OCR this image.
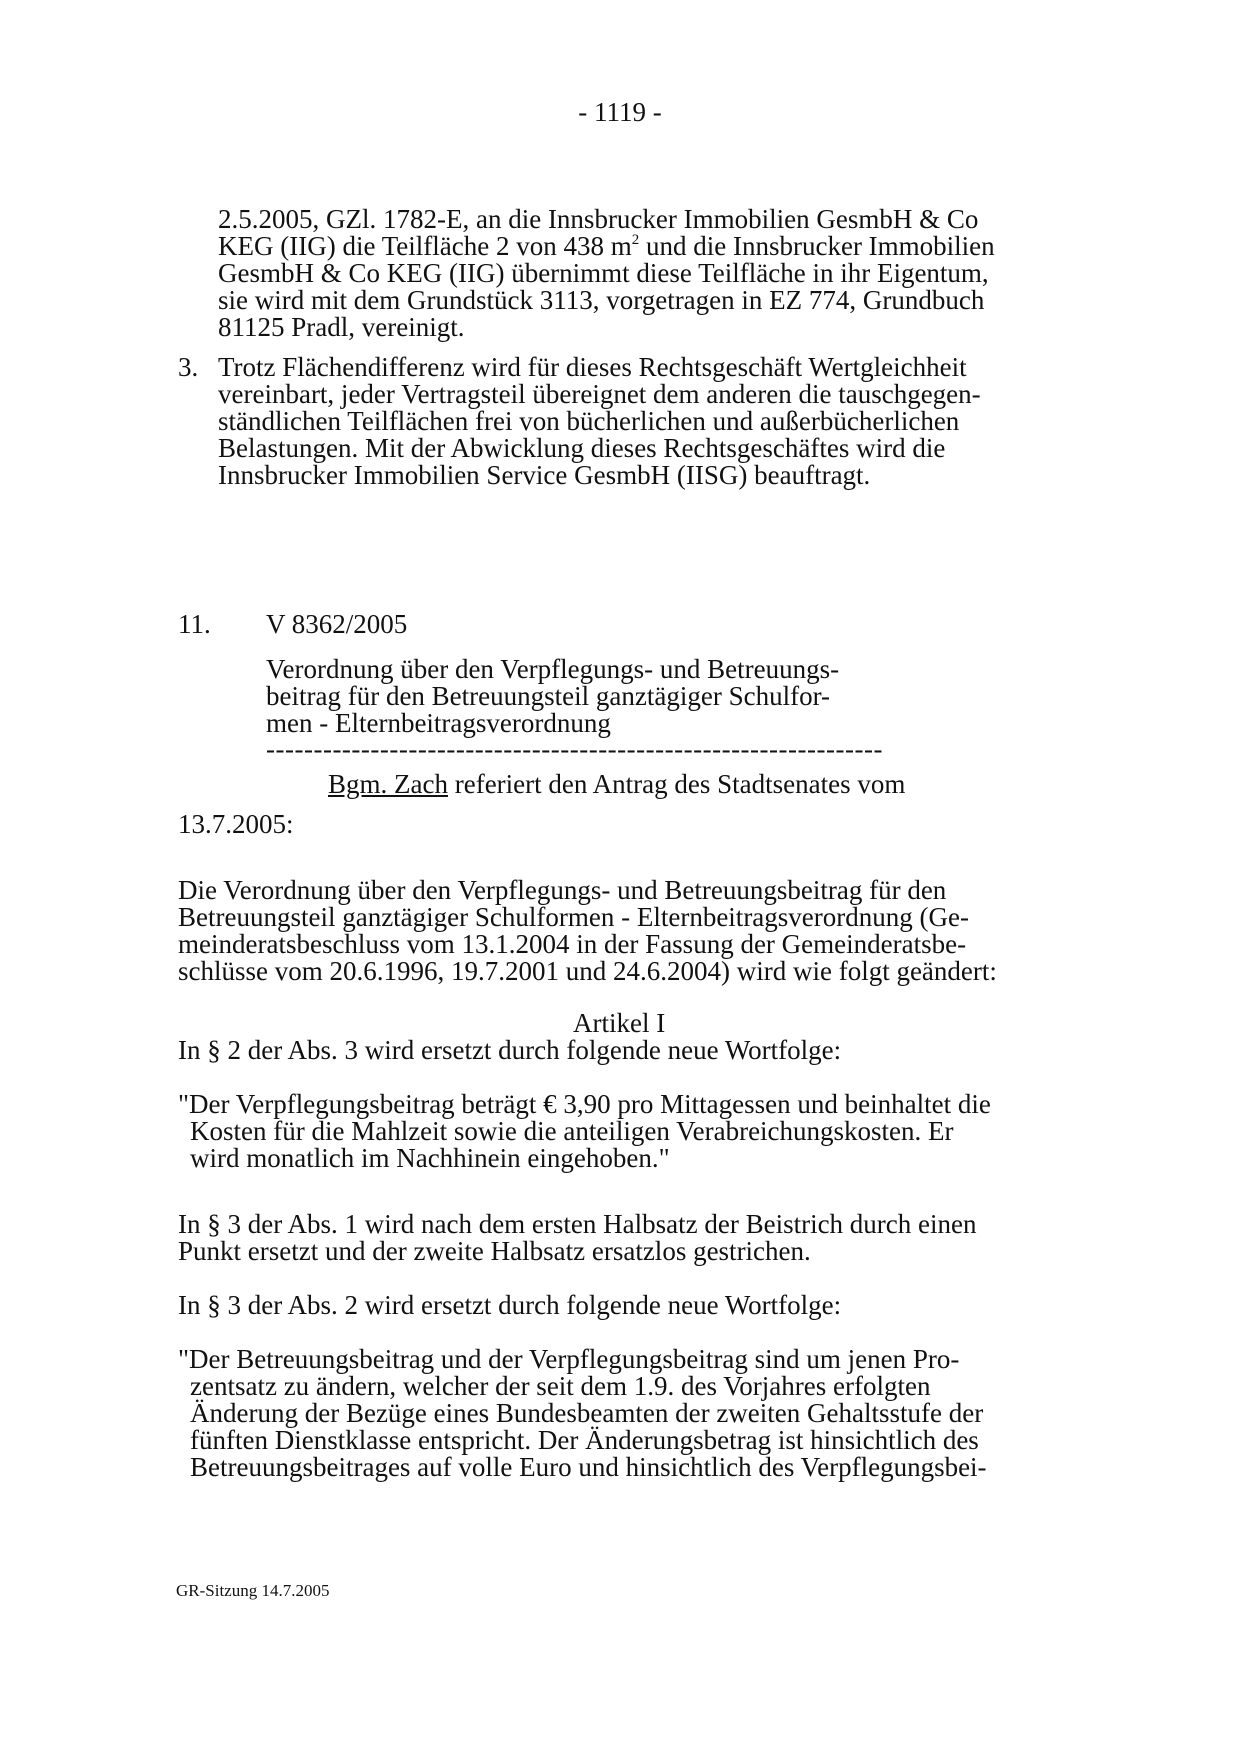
- 1119 -
2.5.2005, GZl. 1782-E, an die Innsbrucker Immobilien GesmbH & Co
KEG (IIG) die Teilfläche 2 von 438 $m^2$ und die Innsbrucker Immobilien
GesmbH & Co KEG (IIG) übernimmt diese Teilfläche in ihr Eigentum,
sie wird mit dem Grundstück 3113, vorgetragen in EZ 774, Grundbuch
81125 Pradl, vereinigt.
3. Trotz Flächendifferenz wird für dieses Rechtsgeschäft Wertgleichheit
vereinbart, jeder Vertragsteil übereignet dem anderen die tauschgegen-
ständlichen Teilflächen frei von bücherlichen und außerbücherlichen
Belastungen. Mit der Abwicklung dieses Rechtsgeschäftes wird die
Innsbrucker Immobilien Service GesmbH (IISG) beauftragt.
11. V 8362/2005
Verordnung über den Verpflegungs- und Betreuungs-
beitrag für den Betreuungsteil ganztägiger Schulfor-
men - Elternbeitragsverordnung
-----------------------------------------------------------------
Bgm. Zach referiert den Antrag des Stadtsenates vom
13.7.2005:
Die Verordnung über den Verpflegungs- und Betreuungsbeitrag für den
Betreuungsteil ganztägiger Schulformen - Elternbeitragsverordnung (Ge-
meinderatsbeschluss vom 13.1.2004 in der Fassung der Gemeinderatsbe-
schlüsse vom 20.6.1996, 19.7.2001 und 24.6.2004) wird wie folgt geändert:
Artikel I
In § 2 der Abs. 3 wird ersetzt durch folgende neue Wortfolge:
"Der Verpflegungsbeitrag beträgt € 3,90 pro Mittagessen und beinhaltet die
Kosten für die Mahlzeit sowie die anteiligen Verabreichungskosten. Er
wird monatlich im Nachhinein eingehoben."
In § 3 der Abs. 1 wird nach dem ersten Halbsatz der Beistrich durch einen
Punkt ersetzt und der zweite Halbsatz ersatzlos gestrichen.
In § 3 der Abs. 2 wird ersetzt durch folgende neue Wortfolge:
"Der Betreuungsbeitrag und der Verpflegungsbeitrag sind um jenen Pro-
zentsatz zu ändern, welcher der seit dem 1.9. des Vorjahres erfolgten
Änderung der Bezüge eines Bundesbeamten der zweiten Gehaltsstufe der
fünften Dienstklasse entspricht. Der Änderungsbetrag ist hinsichtlich des
Betreuungsbeitrages auf volle Euro und hinsichtlich des Verpflegungsbei-
GR-Sitzung 14.7.2005
